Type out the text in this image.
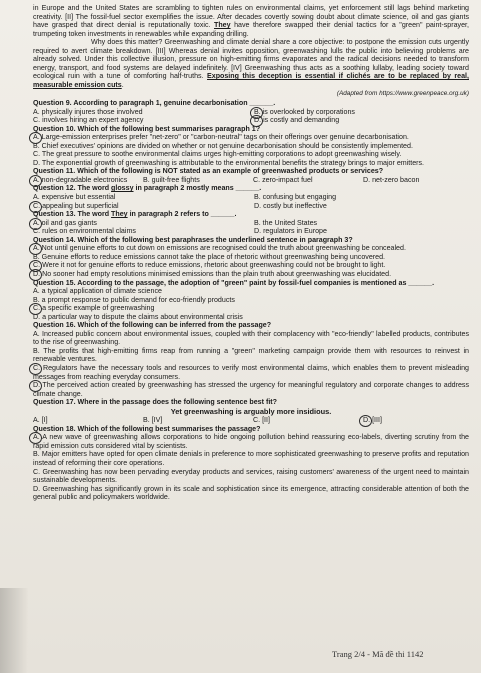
in Europe and the United States are scrambling to tighten rules on environmental claims, yet enforcement still lags behind marketing creativity. [II] The fossil-fuel sector exemplifies the issue. After decades covertly sowing doubt about climate science, oil and gas giants have grasped that direct denial is reputationally toxic. They have therefore swapped their denial tactics for a "green" paint-sprayer, trumpeting token investments in renewables while expanding drilling.

Why does this matter? Greenwashing and climate denial share a core objective: to postpone the emission cuts urgently required to avert climate breakdown. [III] Whereas denial invites opposition, greenwashing lulls the public into believing problems are already solved. Under this collective illusion, pressure on high-emitting firms evaporates and the radical decisions needed to transform energy, transport, and food systems are delayed indefinitely. [IV] Greenwashing thus acts as a soothing lullaby, leading society toward ecological ruin with a tune of comforting half-truths. Exposing this deception is essential if clichés are to be replaced by real, measurable emission cuts.

(Adapted from https://www.greenpeace.org.uk)

Question 9. According to paragraph 1, genuine decarbonisation ______.

A. physically injures those involved	B. is overlooked by corporations
C. involves hiring an expert agency	D. is costly and demanding

Question 10. Which of the following best summarises paragraph 1?

A. Large-emission enterprises prefer "net-zero" or "carbon-neutral" tags on their offerings over genuine decarbonisation.
B. Chief executives' opinions are divided on whether or not genuine decarbonisation should be consistently implemented.
C. The great pressure to soothe environmental claims urges high-emitting corporations to adopt greenwashing wisely.
D. The exponential growth of greenwashing is attributable to the environmental benefits the strategy brings to major emitters.

Question 11. Which of the following is NOT stated as an example of greenwashed products or services?

A. non-degradable electronics	B. guilt-free flights	C. zero-impact fuel	D. net-zero bacon

Question 12. The word glossy in paragraph 2 mostly means ______.

A. expensive but essential	B. confusing but engaging
C. appealing but superficial	D. costly but ineffective

Question 13. The word They in paragraph 2 refers to ______.

A. oil and gas giants	B. the United States
C. rules on environmental claims	D. regulators in Europe

Question 14. Which of the following best paraphrases the underlined sentence in paragraph 3?

A. Not until genuine efforts to cut down on emissions are recognised could the truth about greenwashing be concealed.
B. Genuine efforts to reduce emissions cannot take the place of rhetoric without greenwashing being uncovered.
C. Were it not for genuine efforts to reduce emissions, rhetoric about greenwashing could not be brought to light.
D. No sooner had empty resolutions minimised emissions than the plain truth about greenwashing was elucidated.

Question 15. According to the passage, the adoption of "green" paint by fossil-fuel companies is mentioned as ______.

A. a typical application of climate science
B. a prompt response to public demand for eco-friendly products
C. a specific example of greenwashing
D. a particular way to dispute the claims about environmental crisis

Question 16. Which of the following can be inferred from the passage?

A. Increased public concern about environmental issues, coupled with their complacency with "eco-friendly" labelled products, contributes to the rise of greenwashing.
B. The profits that high-emitting firms reap from running a "green" marketing campaign provide them with resources to reinvest in renewable ventures.
C. Regulators have the necessary tools and resources to verify most environmental claims, which enables them to prevent misleading messages from reaching everyday consumers.
D. The perceived action created by greenwashing has stressed the urgency for meaningful regulatory and corporate changes to address climate change.

Question 17. Where in the passage does the following sentence best fit?

Yet greenwashing is arguably more insidious.

A. [I]	B. [IV]	C. [II]	D. [III]

Question 18. Which of the following best summarises the passage?

A. A new wave of greenwashing allows corporations to hide ongoing pollution behind reassuring eco-labels, diverting scrutiny from the rapid emission cuts considered vital by scientists.
B. Major emitters have opted for open climate denials in preference to more sophisticated greenwashing to preserve profits and reputation instead of reforming their core operations.
C. Greenwashing has now been pervading everyday products and services, raising customers' awareness of the urgent need to maintain sustainable developments.
D. Greenwashing has significantly grown in its scale and sophistication since its emergence, attracting considerable attention of both the general public and policymakers worldwide.
Trang 2/4 - Mã đề thi 1142
